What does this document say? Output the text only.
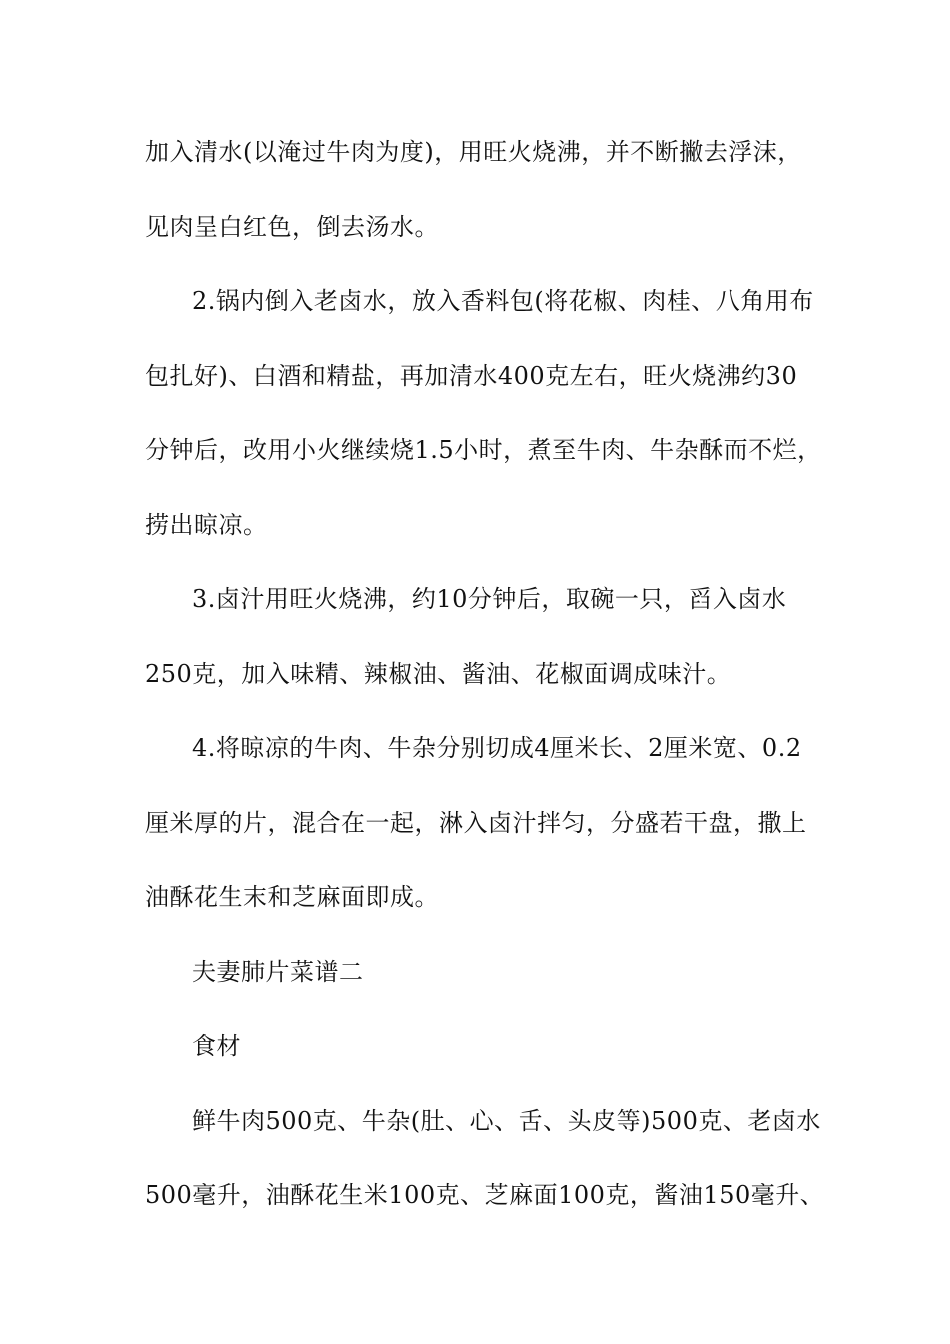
加入清水(以淹过牛肉为度)，用旺火烧沸，并不断撇去浮沫，
见肉呈白红色，倒去汤水。
2.锅内倒入老卤水，放入香料包(将花椒、肉桂、八角用布
包扎好)、白酒和精盐，再加清水400克左右，旺火烧沸约30
分钟后，改用小火继续烧1.5小时，煮至牛肉、牛杂酥而不烂，
捞出晾凉。
3.卤汁用旺火烧沸，约10分钟后，取碗一只，舀入卤水
250克，加入味精、辣椒油、酱油、花椒面调成味汁。
4.将晾凉的牛肉、牛杂分别切成4厘米长、2厘米宽、0.2
厘米厚的片，混合在一起，淋入卤汁拌匀，分盛若干盘，撒上
油酥花生末和芝麻面即成。
夫妻肺片菜谱二
食材
鲜牛肉500克、牛杂(肚、心、舌、头皮等)500克、老卤水
500毫升，油酥花生米100克、芝麻面100克，酱油150毫升、
